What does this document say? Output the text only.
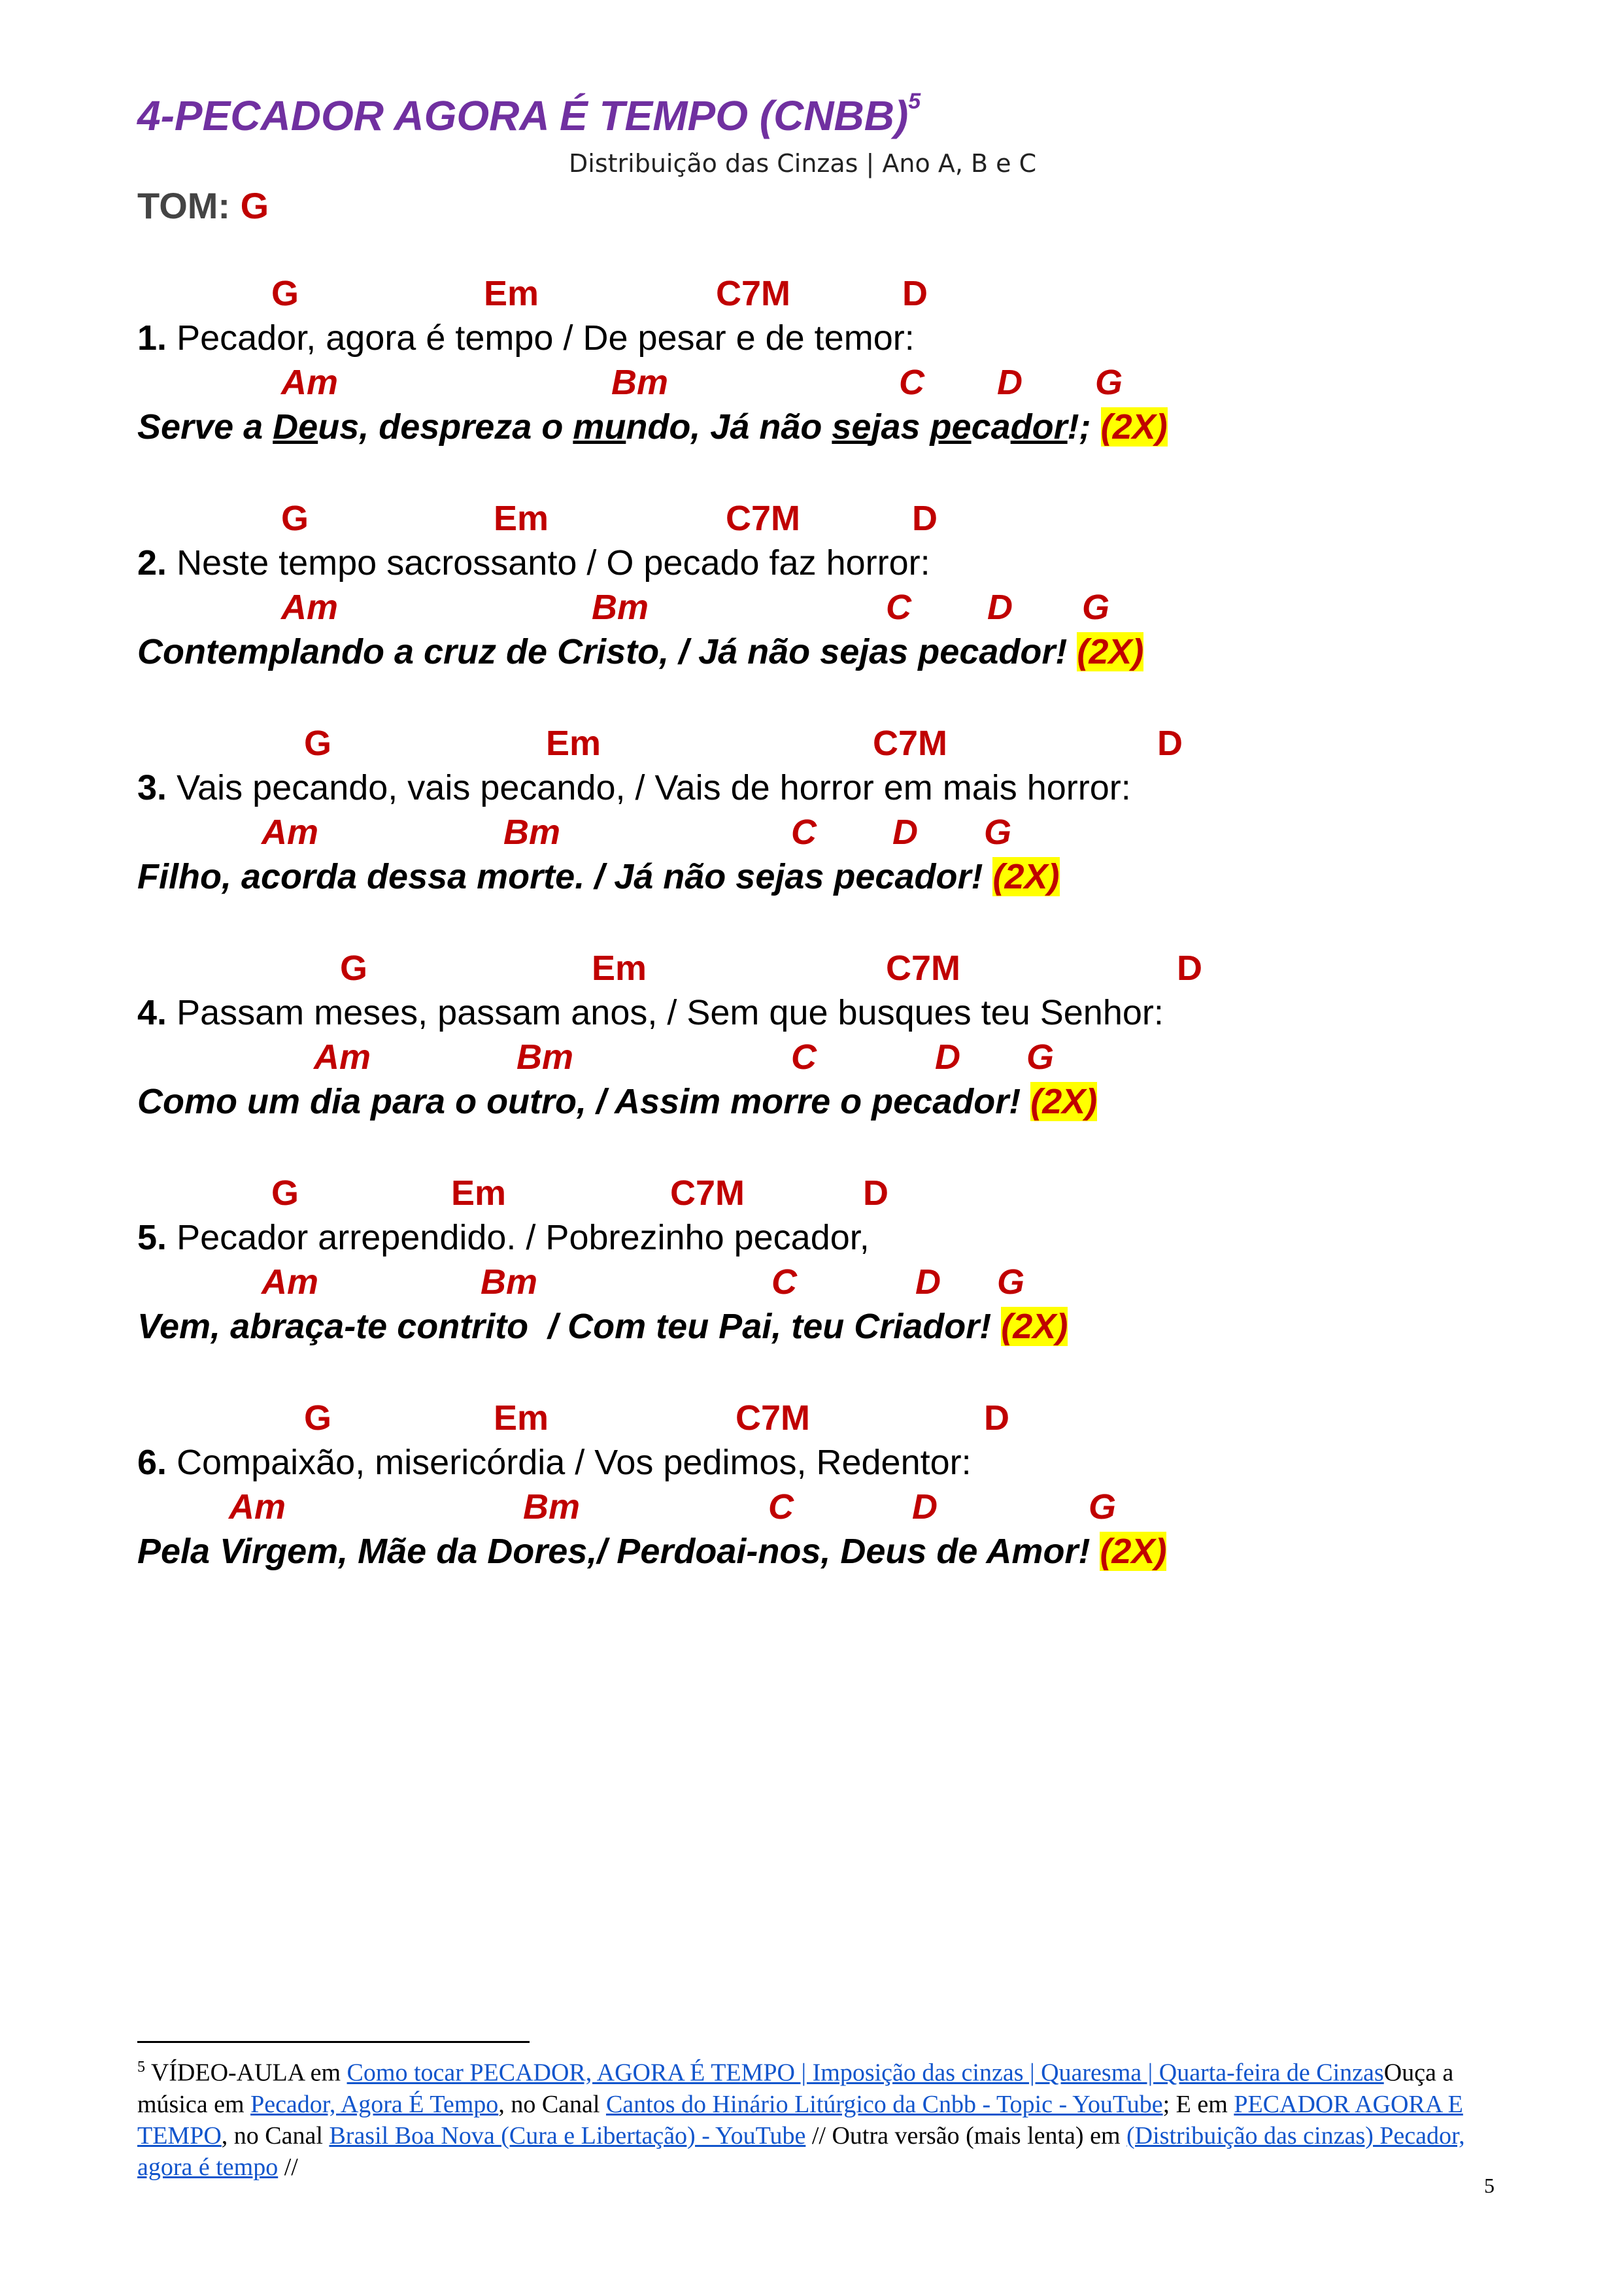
4-PECADOR AGORA É TEMPO (CNBB)$^5$
Distribuição das Cinzas | Ano A, B e C
TOM: G
G	Em	C7M	D
1. Pecador, agora é tempo / De pesar e de temor:
Am	Bm	C D G
Serve a Deus, despreza o mundo, Já não sejas pecador!; (2X)
G	Em	C7M	D
2. Neste tempo sacrossanto / O pecado faz horror:
Am	Bm	C D G
Contemplando a cruz de Cristo, / Já não sejas pecador! (2X)
G	Em	C7M	D
3. Vais pecando, vais pecando, / Vais de horror em mais horror:
Am	Bm	C D G
Filho, acorda dessa morte. / Já não sejas pecador! (2X)
G	Em	C7M	D
4. Passam meses, passam anos, / Sem que busques teu Senhor:
Am	Bm	C	D G
Como um dia para o outro, / Assim morre o pecador! (2X)
G	Em	C7M	D
5. Pecador arrependido. / Pobrezinho pecador,
Am	Bm	C	D G
Vem, abraça-te contrito  / Com teu Pai, teu Criador! (2X)
G	Em	C7M	D
6. Compaixão, misericórdia / Vos pedimos, Redentor:
Am	Bm	C	D	G
Pela Virgem, Mãe da Dores,/ Perdoai-nos, Deus de Amor! (2X)
$^5$ VÍDEO-AULA em Como tocar PECADOR, AGORA É TEMPO | Imposição das cinzas | Quaresma | Quarta-feira de CinzasOuça a música em Pecador, Agora É Tempo, no Canal Cantos do Hinário Litúrgico da Cnbb - Topic - YouTube; E em PECADOR AGORA E TEMPO, no Canal Brasil Boa Nova (Cura e Libertação) - YouTube // Outra versão (mais lenta) em (Distribuição das cinzas) Pecador, agora é tempo //
5
